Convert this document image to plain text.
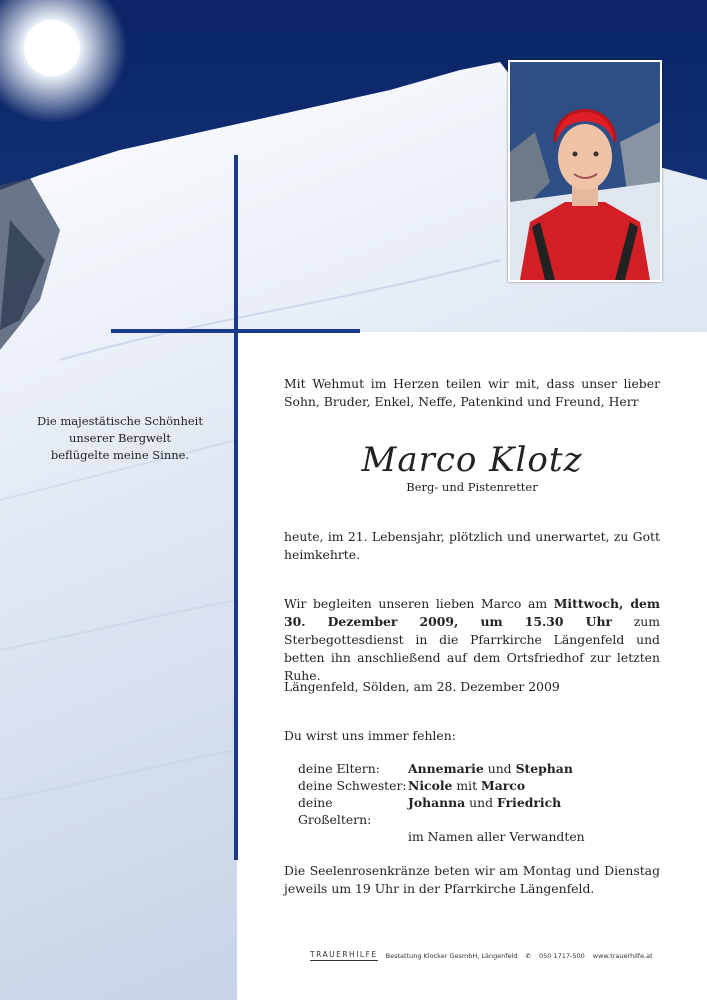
Die majestätische Schönheit
unserer Bergwelt
beflügelte meine Sinne.
Mit Wehmut im Herzen teilen wir mit, dass unser lieber Sohn, Bruder, Enkel, Neffe, Patenkind und Freund, Herr
Marco Klotz
Berg- und Pistenretter
heute, im 21. Lebensjahr, plötzlich und unerwartet, zu Gott heimkehrte.
Wir begleiten unseren lieben Marco am Mittwoch, dem 30. Dezember 2009, um 15.30 Uhr zum Sterbegottesdienst in die Pfarrkirche Längenfeld und betten ihn anschließend auf dem Ortsfriedhof zur letzten Ruhe.
Längenfeld, Sölden, am 28. Dezember 2009
Du wirst uns immer fehlen:
deine Eltern:	Annemarie und Stephan
deine Schwester: Nicole mit Marco
deine Großeltern:
Johanna und Friedrich
im Namen aller Verwandten
Die Seelenrosenkränze beten wir am Montag und Dienstag jeweils um 19 Uhr in der Pfarrkirche Längenfeld.
TRAUERHILFE Bestattung Klocker GesmbH, Längenfeld ✆ 050 1717-500 www.trauerhilfe.at
